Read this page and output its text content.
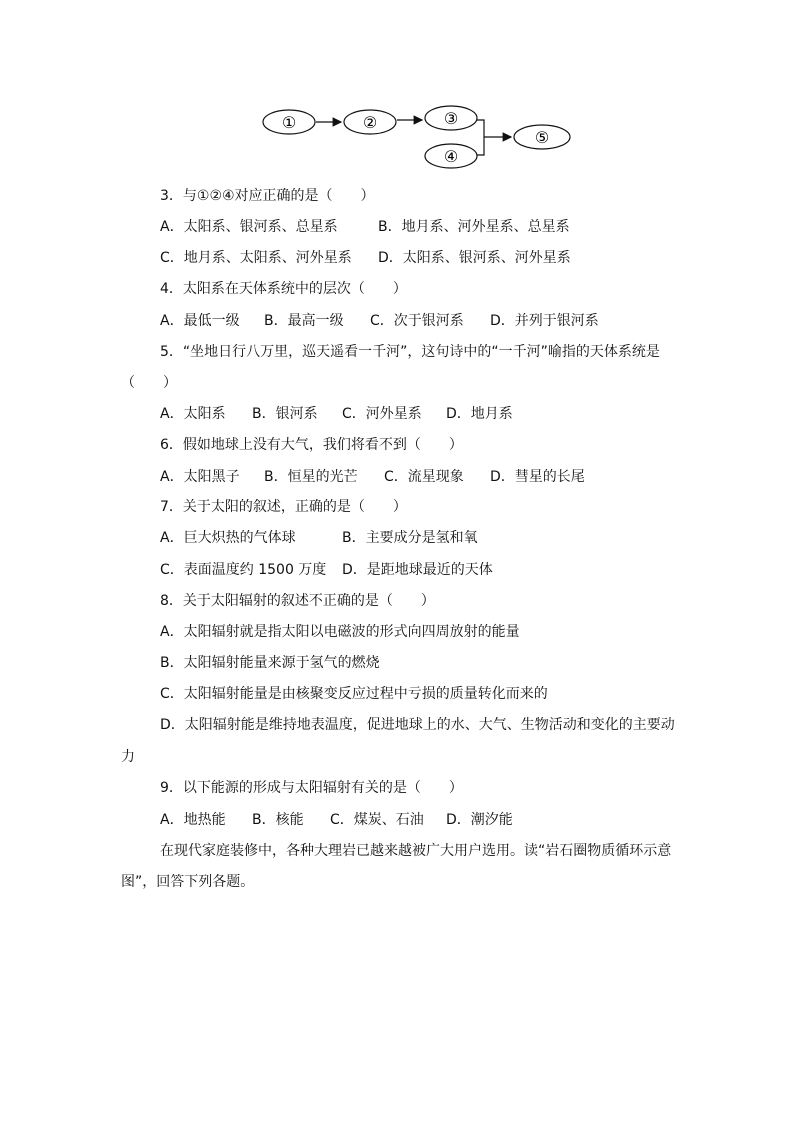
①	②	③
④
⑤
3．与①②④对应正确的是（　　）
A．太阳系、银河系、总星系	B．地月系、河外星系、总星系
C．地月系、太阳系、河外星系 D．太阳系、银河系、河外星系
4．太阳系在天体系统中的层次（　　）
A．最低一级 B．最高一级 C．次于银河系 D．并列于银河系
5．“坐地日行八万里，巡天遥看一千河”，这句诗中的“一千河”喻指的天体系统是
（　　）
A．太阳系 B．银河系 C．河外星系 D．地月系
6．假如地球上没有大气，我们将看不到（　　）
A．太阳黑子 B．恒星的光芒 C．流星现象 D．彗星的长尾
7．关于太阳的叙述，正确的是（　　）
A．巨大炽热的气体球	B．主要成分是氢和氧
C．表面温度约 1500 万度 D．是距地球最近的天体
8．关于太阳辐射的叙述不正确的是（　　）
A．太阳辐射就是指太阳以电磁波的形式向四周放射的能量
B．太阳辐射能量来源于氢气的燃烧
C．太阳辐射能量是由核聚变反应过程中亏损的质量转化而来的
D．太阳辐射能是维持地表温度，促进地球上的水、大气、生物活动和变化的主要动
力
9．以下能源的形成与太阳辐射有关的是（　　）
A．地热能 B．核能 C．煤炭、石油 D．潮汐能
在现代家庭装修中，各种大理岩已越来越被广大用户选用。读“岩石圈物质循环示意
图”，回答下列各题。
